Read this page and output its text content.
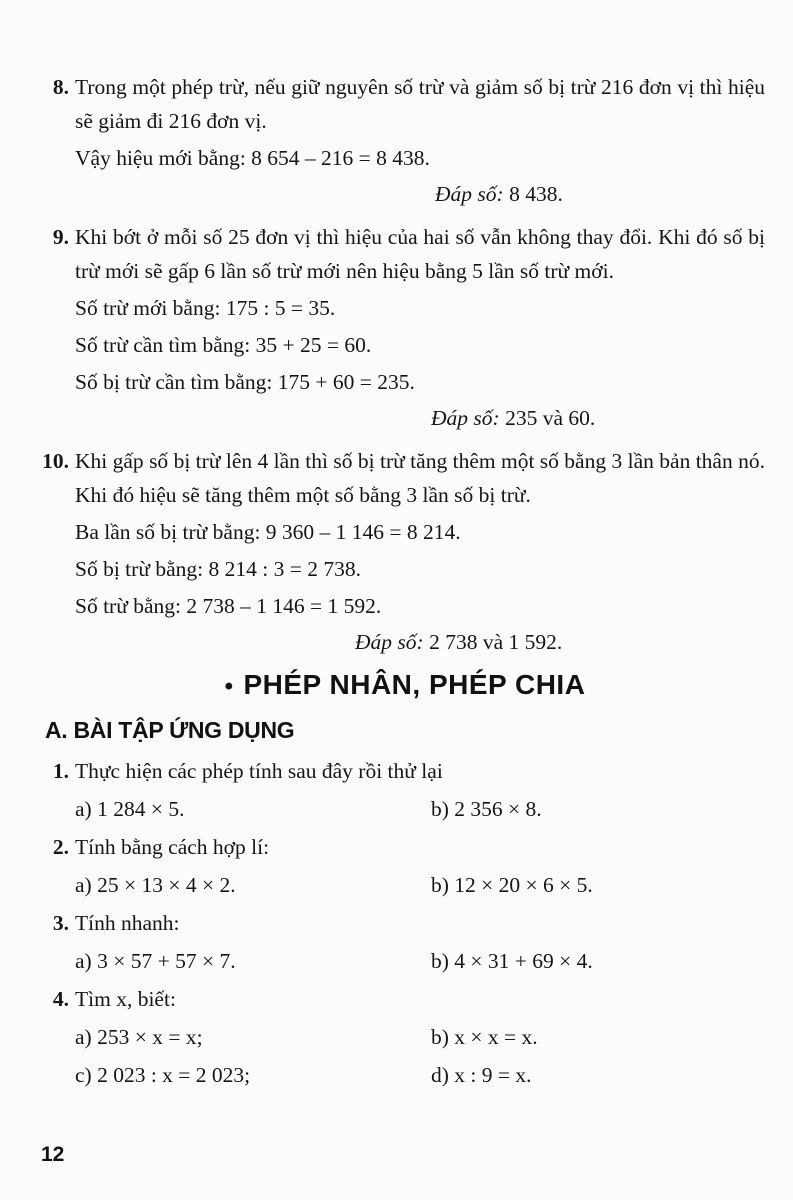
8. Trong một phép trừ, nếu giữ nguyên số trừ và giảm số bị trừ 216 đơn vị thì hiệu sẽ giảm đi 216 đơn vị.
Vậy hiệu mới bằng: 8 654 – 216 = 8 438.
Đáp số: 8 438.
9. Khi bớt ở mỗi số 25 đơn vị thì hiệu của hai số vẫn không thay đổi. Khi đó số bị trừ mới sẽ gấp 6 lần số trừ mới nên hiệu bằng 5 lần số trừ mới.
Số trừ mới bằng: 175 : 5 = 35.
Số trừ cần tìm bằng: 35 + 25 = 60.
Số bị trừ cần tìm bằng: 175 + 60 = 235.
Đáp số: 235 và 60.
10. Khi gấp số bị trừ lên 4 lần thì số bị trừ tăng thêm một số bằng 3 lần bản thân nó. Khi đó hiệu sẽ tăng thêm một số bằng 3 lần số bị trừ.
Ba lần số bị trừ bằng: 9 360 – 1 146 = 8 214.
Số bị trừ bằng: 8 214 : 3 = 2 738.
Số trừ bằng: 2 738 – 1 146 = 1 592.
Đáp số: 2 738 và 1 592.
• PHÉP NHÂN, PHÉP CHIA
A. BÀI TẬP ỨNG DỤNG
1. Thực hiện các phép tính sau đây rồi thử lại
a) 1 284 × 5.	b) 2 356 × 8.
2. Tính bằng cách hợp lí:
a) 25 × 13 × 4 × 2.	b) 12 × 20 × 6 × 5.
3. Tính nhanh:
a) 3 × 57 + 57 × 7.	b) 4 × 31 + 69 × 4.
4. Tìm x, biết:
a) 253 × x = x;	b) x × x = x.
c) 2 023 : x = 2 023;	d) x : 9 = x.
12
